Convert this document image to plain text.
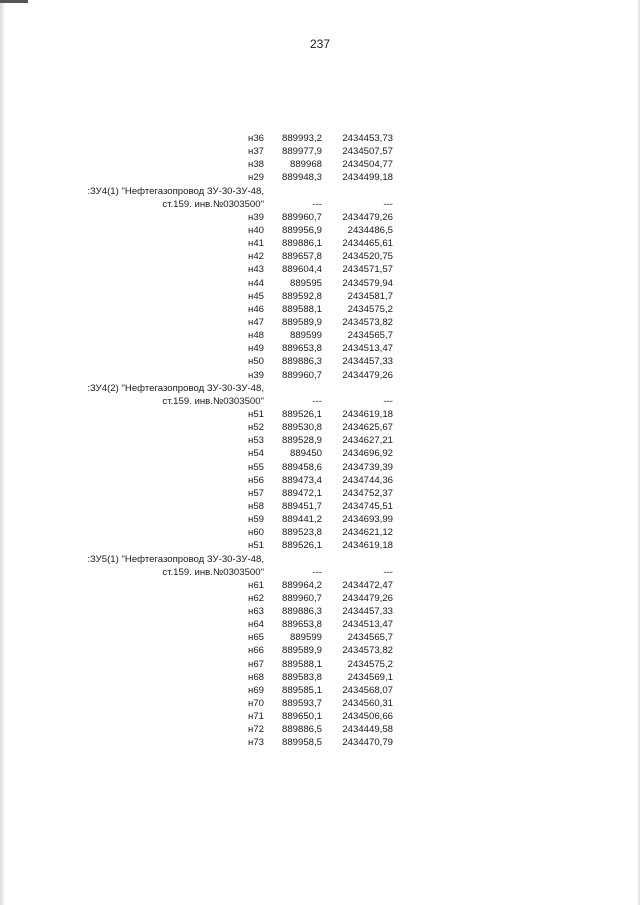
237
н36 889993,2 2434453,73
н37 889977,9 2434507,57
н38	889968 2434504,77
н29 889948,3 2434499,18
:ЗУ4(1) "Нефтегазопровод ЗУ-30-ЗУ-48,
ст.159. инв.№0303500"	---	---
н39 889960,7 2434479,26
н40 889956,9	2434486,5
н41 889886,1 2434465,61
н42 889657,8 2434520,75
н43 889604,4 2434571,57
н44	889595 2434579,94
н45 889592,8	2434581,7
н46 889588,1	2434575,2
н47 889589,9 2434573,82
н48	889599	2434565,7
н49 889653,8 2434513,47
н50 889886,3 2434457,33
н39 889960,7 2434479,26
:ЗУ4(2) "Нефтегазопровод ЗУ-30-ЗУ-48,
ст.159. инв.№0303500"	---	---
н51 889526,1 2434619,18
н52 889530,8 2434625,67
н53 889528,9 2434627,21
н54	889450 2434696,92
н55 889458,6 2434739,39
н56 889473,4 2434744,36
н57 889472,1 2434752,37
н58 889451,7 2434745,51
н59 889441,2 2434693,99
н60 889523,8 2434621,12
н51 889526,1 2434619,18
:ЗУ5(1) "Нефтегазопровод ЗУ-30-ЗУ-48,
ст.159. инв.№0303500"	---	---
н61 889964,2 2434472,47
н62 889960,7 2434479,26
н63 889886,3 2434457,33
н64 889653,8 2434513,47
н65	889599	2434565,7
н66 889589,9 2434573,82
н67 889588,1	2434575,2
н68 889583,8	2434569,1
н69 889585,1 2434568,07
н70 889593,7 2434560,31
н71 889650,1 2434506,66
н72 889886,5 2434449,58
н73 889958,5 2434470,79
